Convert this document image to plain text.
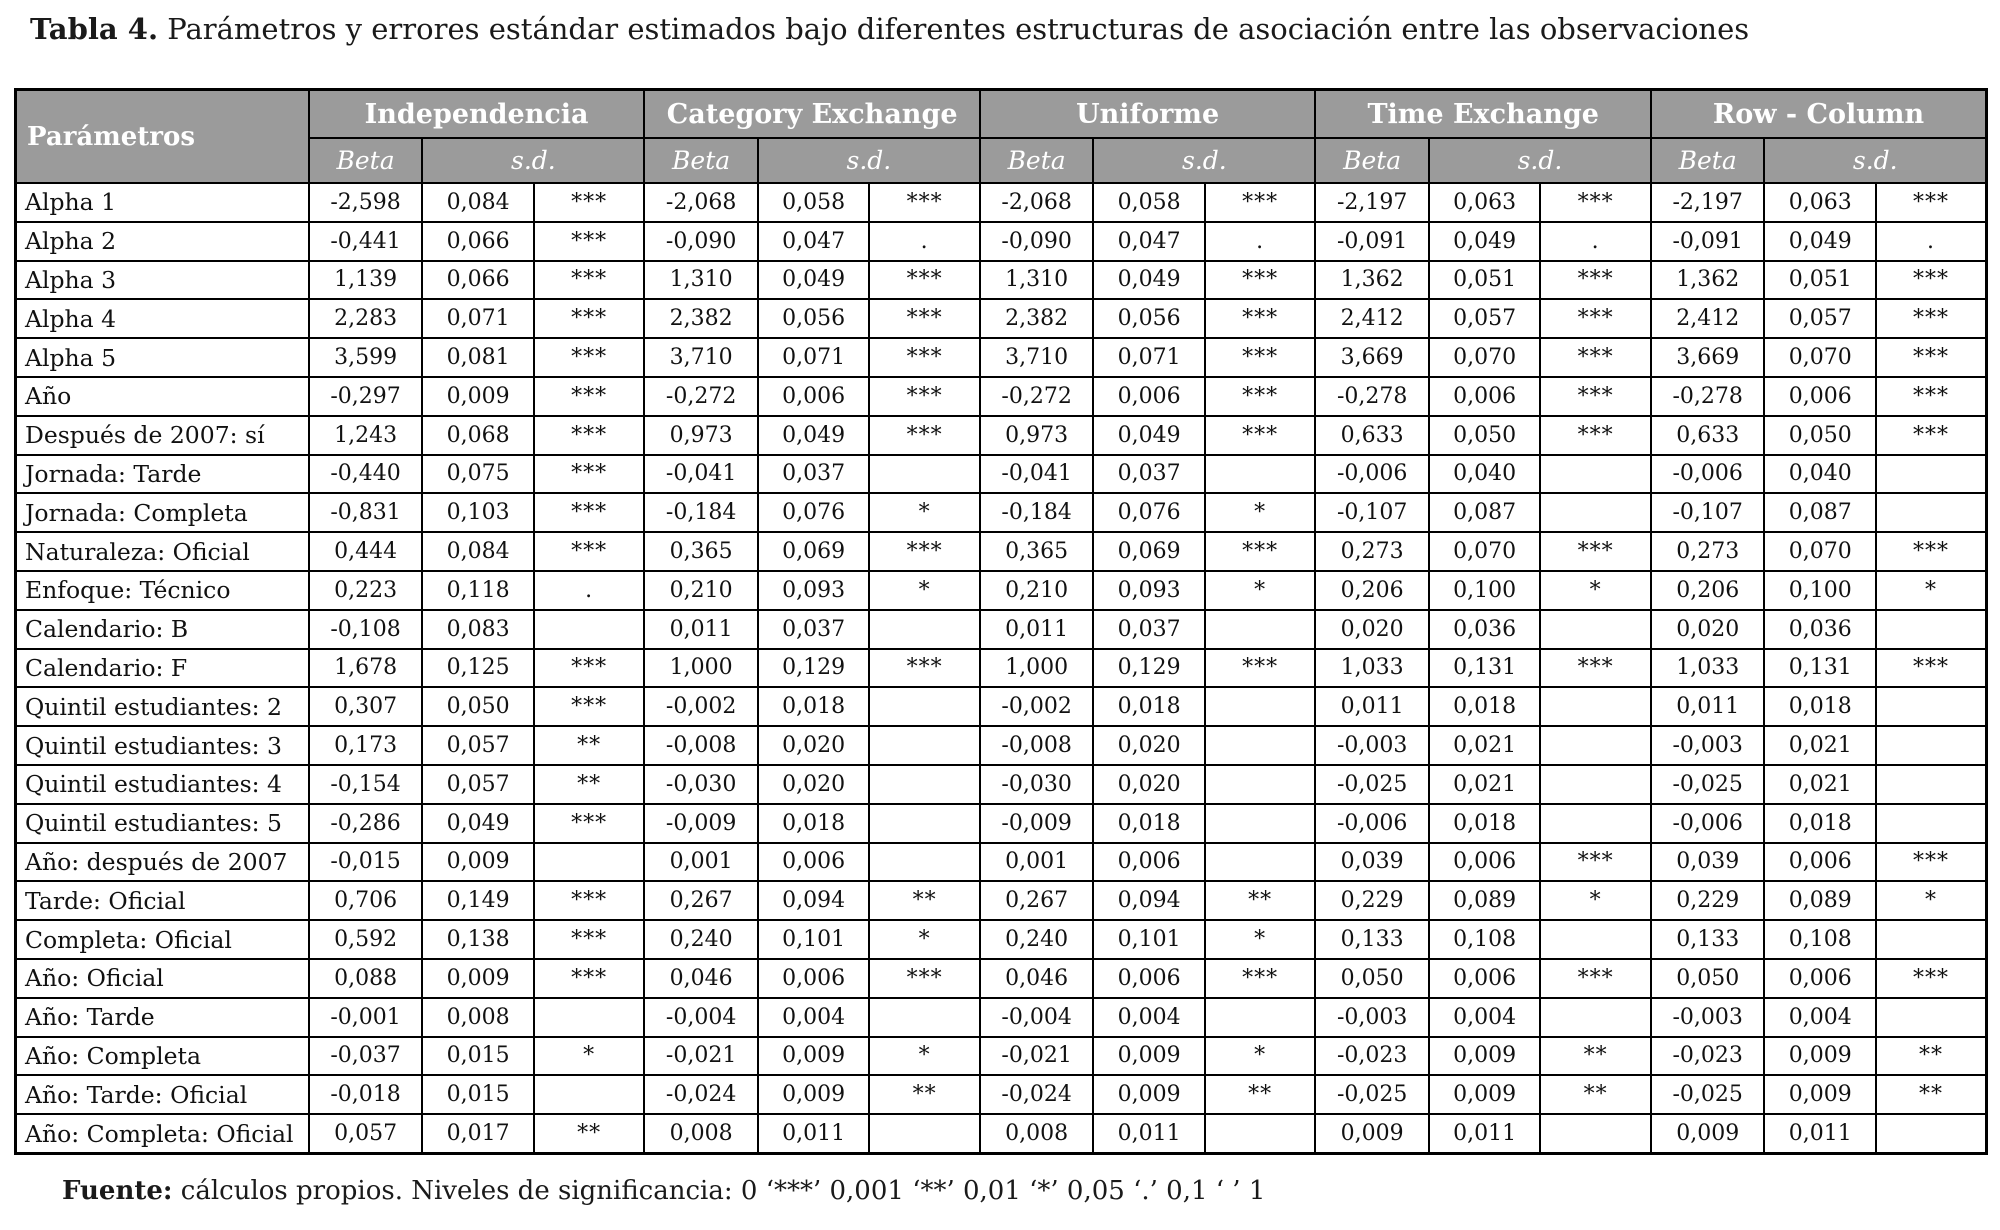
Tabla 4. Parámetros y errores estándar estimados bajo diferentes estructuras de asociación entre las observaciones
Parámetros	Independencia			Category Exchange			Uniforme			Time Exchange			Row - Column		
	Beta	s.d.		Beta	s.d.		Beta	s.d.		Beta	s.d.		Beta	s.d.	
Alpha 1	-2,598	0,084	***	-2,068	0,058	***	-2,068	0,058	***	-2,197	0,063	***	-2,197	0,063	***
Alpha 2	-0,441	0,066	***	-0,090	0,047	.	-0,090	0,047	.	-0,091	0,049	.	-0,091	0,049	.
Alpha 3	1,139	0,066	***	1,310	0,049	***	1,310	0,049	***	1,362	0,051	***	1,362	0,051	***
Alpha 4	2,283	0,071	***	2,382	0,056	***	2,382	0,056	***	2,412	0,057	***	2,412	0,057	***
Alpha 5	3,599	0,081	***	3,710	0,071	***	3,710	0,071	***	3,669	0,070	***	3,669	0,070	***
Año	-0,297	0,009	***	-0,272	0,006	***	-0,272	0,006	***	-0,278	0,006	***	-0,278	0,006	***
Después de 2007: sí	1,243	0,068	***	0,973	0,049	***	0,973	0,049	***	0,633	0,050	***	0,633	0,050	***
Jornada: Tarde	-0,440	0,075	***	-0,041	0,037		-0,041	0,037		-0,006	0,040		-0,006	0,040	
Jornada: Completa	-0,831	0,103	***	-0,184	0,076	*	-0,184	0,076	*	-0,107	0,087		-0,107	0,087	
Naturaleza: Oficial	0,444	0,084	***	0,365	0,069	***	0,365	0,069	***	0,273	0,070	***	0,273	0,070	***
Enfoque: Técnico	0,223	0,118	.	0,210	0,093	*	0,210	0,093	*	0,206	0,100	*	0,206	0,100	*
Calendario: B	-0,108	0,083		0,011	0,037		0,011	0,037		0,020	0,036		0,020	0,036	
Calendario: F	1,678	0,125	***	1,000	0,129	***	1,000	0,129	***	1,033	0,131	***	1,033	0,131	***
Quintil estudiantes: 2	0,307	0,050	***	-0,002	0,018		-0,002	0,018		0,011	0,018		0,011	0,018	
Quintil estudiantes: 3	0,173	0,057	**	-0,008	0,020		-0,008	0,020		-0,003	0,021		-0,003	0,021	
Quintil estudiantes: 4	-0,154	0,057	**	-0,030	0,020		-0,030	0,020		-0,025	0,021		-0,025	0,021	
Quintil estudiantes: 5	-0,286	0,049	***	-0,009	0,018		-0,009	0,018		-0,006	0,018		-0,006	0,018	
Año: después de 2007	-0,015	0,009		0,001	0,006		0,001	0,006		0,039	0,006	***	0,039	0,006	***
Tarde: Oficial	0,706	0,149	***	0,267	0,094	**	0,267	0,094	**	0,229	0,089	*	0,229	0,089	*
Completa: Oficial	0,592	0,138	***	0,240	0,101	*	0,240	0,101	*	0,133	0,108		0,133	0,108	
Año: Oficial	0,088	0,009	***	0,046	0,006	***	0,046	0,006	***	0,050	0,006	***	0,050	0,006	***
Año: Tarde	-0,001	0,008		-0,004	0,004		-0,004	0,004		-0,003	0,004		-0,003	0,004	
Año: Completa	-0,037	0,015	*	-0,021	0,009	*	-0,021	0,009	*	-0,023	0,009	**	-0,023	0,009	**
Año: Tarde: Oficial	-0,018	0,015		-0,024	0,009	**	-0,024	0,009	**	-0,025	0,009	**	-0,025	0,009	**
Año: Completa: Oficial	0,057	0,017	**	0,008	0,011		0,008	0,011		0,009	0,011		0,009	0,011	
Fuente: cálculos propios. Niveles de significancia: 0 ‘***’ 0,001 ‘**’ 0,01 ‘*’ 0,05 ‘.’ 0,1 ‘ ’ 1
